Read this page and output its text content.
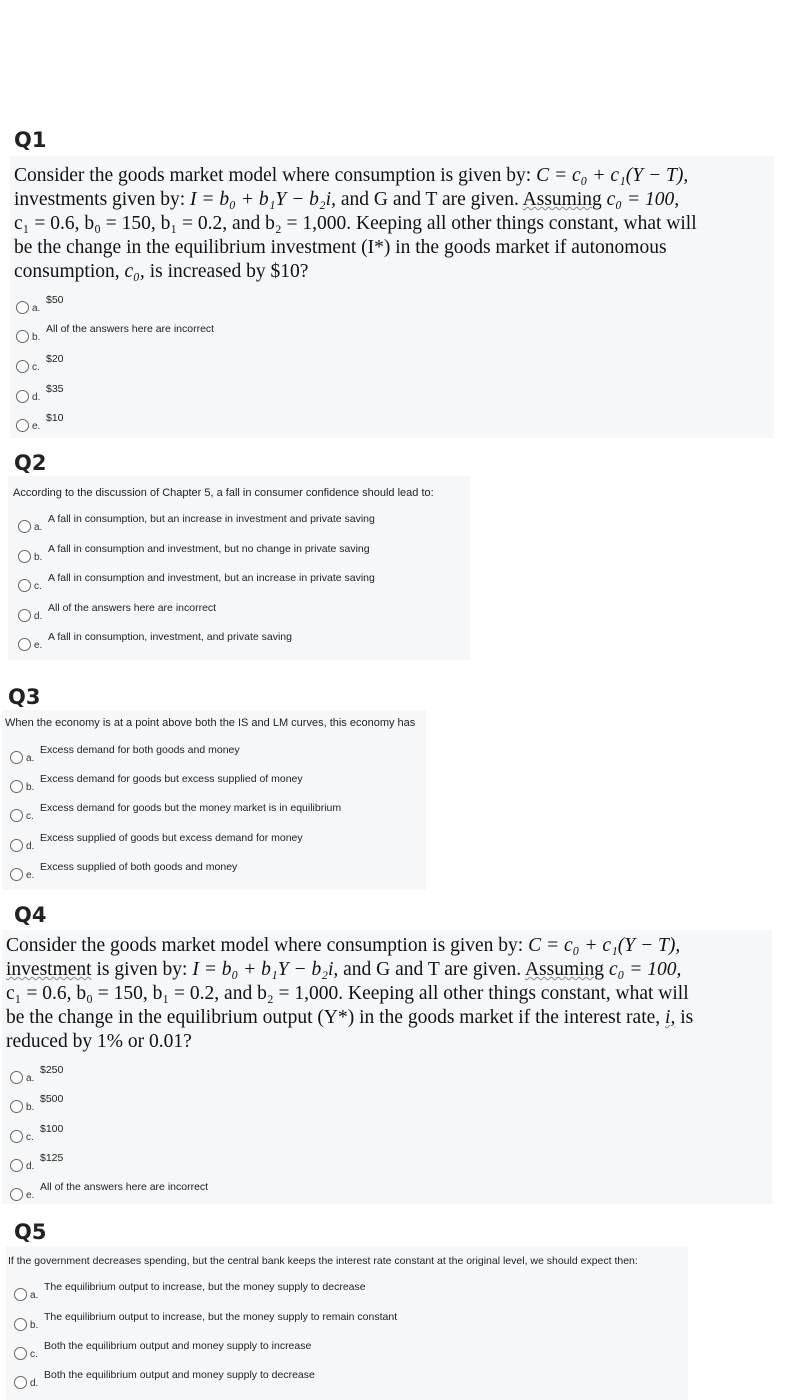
Q1
Consider the goods market model where consumption is given by: C = c₀ + c₁(Y − T),
investments given by: I = b₀ + b₁Y − b₂i, and G and T are given. Assuming c₀ = 100,
c₁ = 0.6, b₀ = 150, b₁ = 0.2, and b₂ = 1,000. Keeping all other things constant, what will
be the change in the equilibrium investment (I*) in the goods market if autonomous
consumption, c₀, is increased by $10?
a.
$50
b.
All of the answers here are incorrect
c.
$20
d.
$35
e.
$10
Q2
According to the discussion of Chapter 5, a fall in consumer confidence should lead to:
a.
A fall in consumption, but an increase in investment and private saving
b.
A fall in consumption and investment, but no change in private saving
c.
A fall in consumption and investment, but an increase in private saving
d.
All of the answers here are incorrect
e.
A fall in consumption, investment, and private saving
Q3
When the economy is at a point above both the IS and LM curves, this economy has
a.
Excess demand for both goods and money
b.
Excess demand for goods but excess supplied of money
c.
Excess demand for goods but the money market is in equilibrium
d.
Excess supplied of goods but excess demand for money
e.
Excess supplied of both goods and money
Q4
Consider the goods market model where consumption is given by: C = c₀ + c₁(Y − T),
investment is given by: I = b₀ + b₁Y − b₂i, and G and T are given. Assuming c₀ = 100,
c₁ = 0.6, b₀ = 150, b₁ = 0.2, and b₂ = 1,000. Keeping all other things constant, what will
be the change in the equilibrium output (Y*) in the goods market if the interest rate, i, is
reduced by 1% or 0.01?
a.
$250
b.
$500
c.
$100
d.
$125
e.
All of the answers here are incorrect
Q5
If the government decreases spending, but the central bank keeps the interest rate constant at the original level, we should expect then:
a.
The equilibrium output to increase, but the money supply to decrease
b.
The equilibrium output to increase, but the money supply to remain constant
c.
Both the equilibrium output and money supply to increase
d.
Both the equilibrium output and money supply to decrease
